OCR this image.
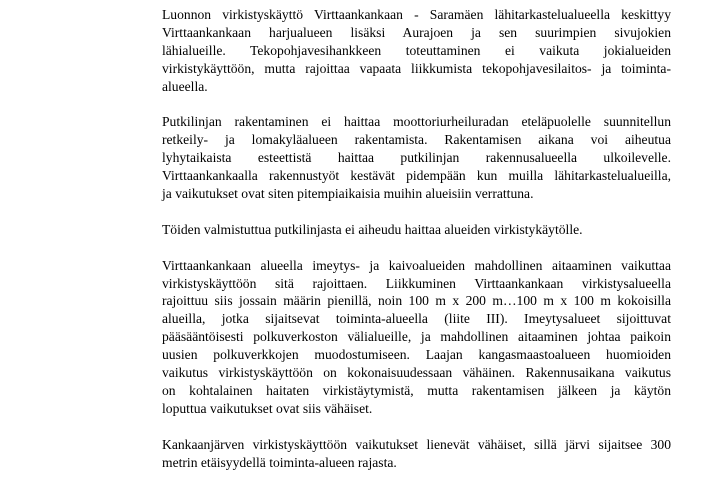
Luonnon virkistyskäyttö Virttaankankaan - Saramäen lähitarkastelualueella keskittyy
Virttaankankaan harjualueen lisäksi Aurajoen ja sen suurimpien sivujokien
lähialueille. Tekopohjavesihankkeen toteuttaminen ei vaikuta jokialueiden
virkistykäyttöön, mutta rajoittaa vapaata liikkumista tekopohjavesilaitos- ja toiminta-
alueella.

Putkilinjan rakentaminen ei haittaa moottoriurheiluradan eteläpuolelle suunnitellun
retkeily- ja lomakyläalueen rakentamista. Rakentamisen aikana voi aiheutua
lyhytaikaista esteettistä haittaa putkilinjan rakennusalueella ulkoilevelle.
Virttaankankaalla rakennustyöt kestävät pidempään kun muilla lähitarkastelualueilla,
ja vaikutukset ovat siten pitempiaikaisia muihin alueisiin verrattuna.

Töiden valmistuttua putkilinjasta ei aiheudu haittaa alueiden virkistykäytölle.

Virttaankankaan alueella imeytys- ja kaivoalueiden mahdollinen aitaaminen vaikuttaa
virkistyskäyttöön sitä rajoittaen. Liikkuminen Virttaankankaan virkistysalueella
rajoittuu siis jossain määrin pienillä, noin 100 m x 200 m…100 m x 100 m kokoisilla
alueilla, jotka sijaitsevat toiminta-alueella (liite III). Imeytysalueet sijoittuvat
pääsääntöisesti polkuverkoston välialueille, ja mahdollinen aitaaminen johtaa paikoin
uusien polkuverkkojen muodostumiseen. Laajan kangasmaastoalueen huomioiden
vaikutus virkistyskäyttöön on kokonaisuudessaan vähäinen. Rakennusaikana vaikutus
on kohtalainen haitaten virkistäytymistä, mutta rakentamisen jälkeen ja käytön
loputtua vaikutukset ovat siis vähäiset.

Kankaanjärven virkistyskäyttöön vaikutukset lienevät vähäiset, sillä järvi sijaitsee 300
metrin etäisyydellä toiminta-alueen rajasta.
